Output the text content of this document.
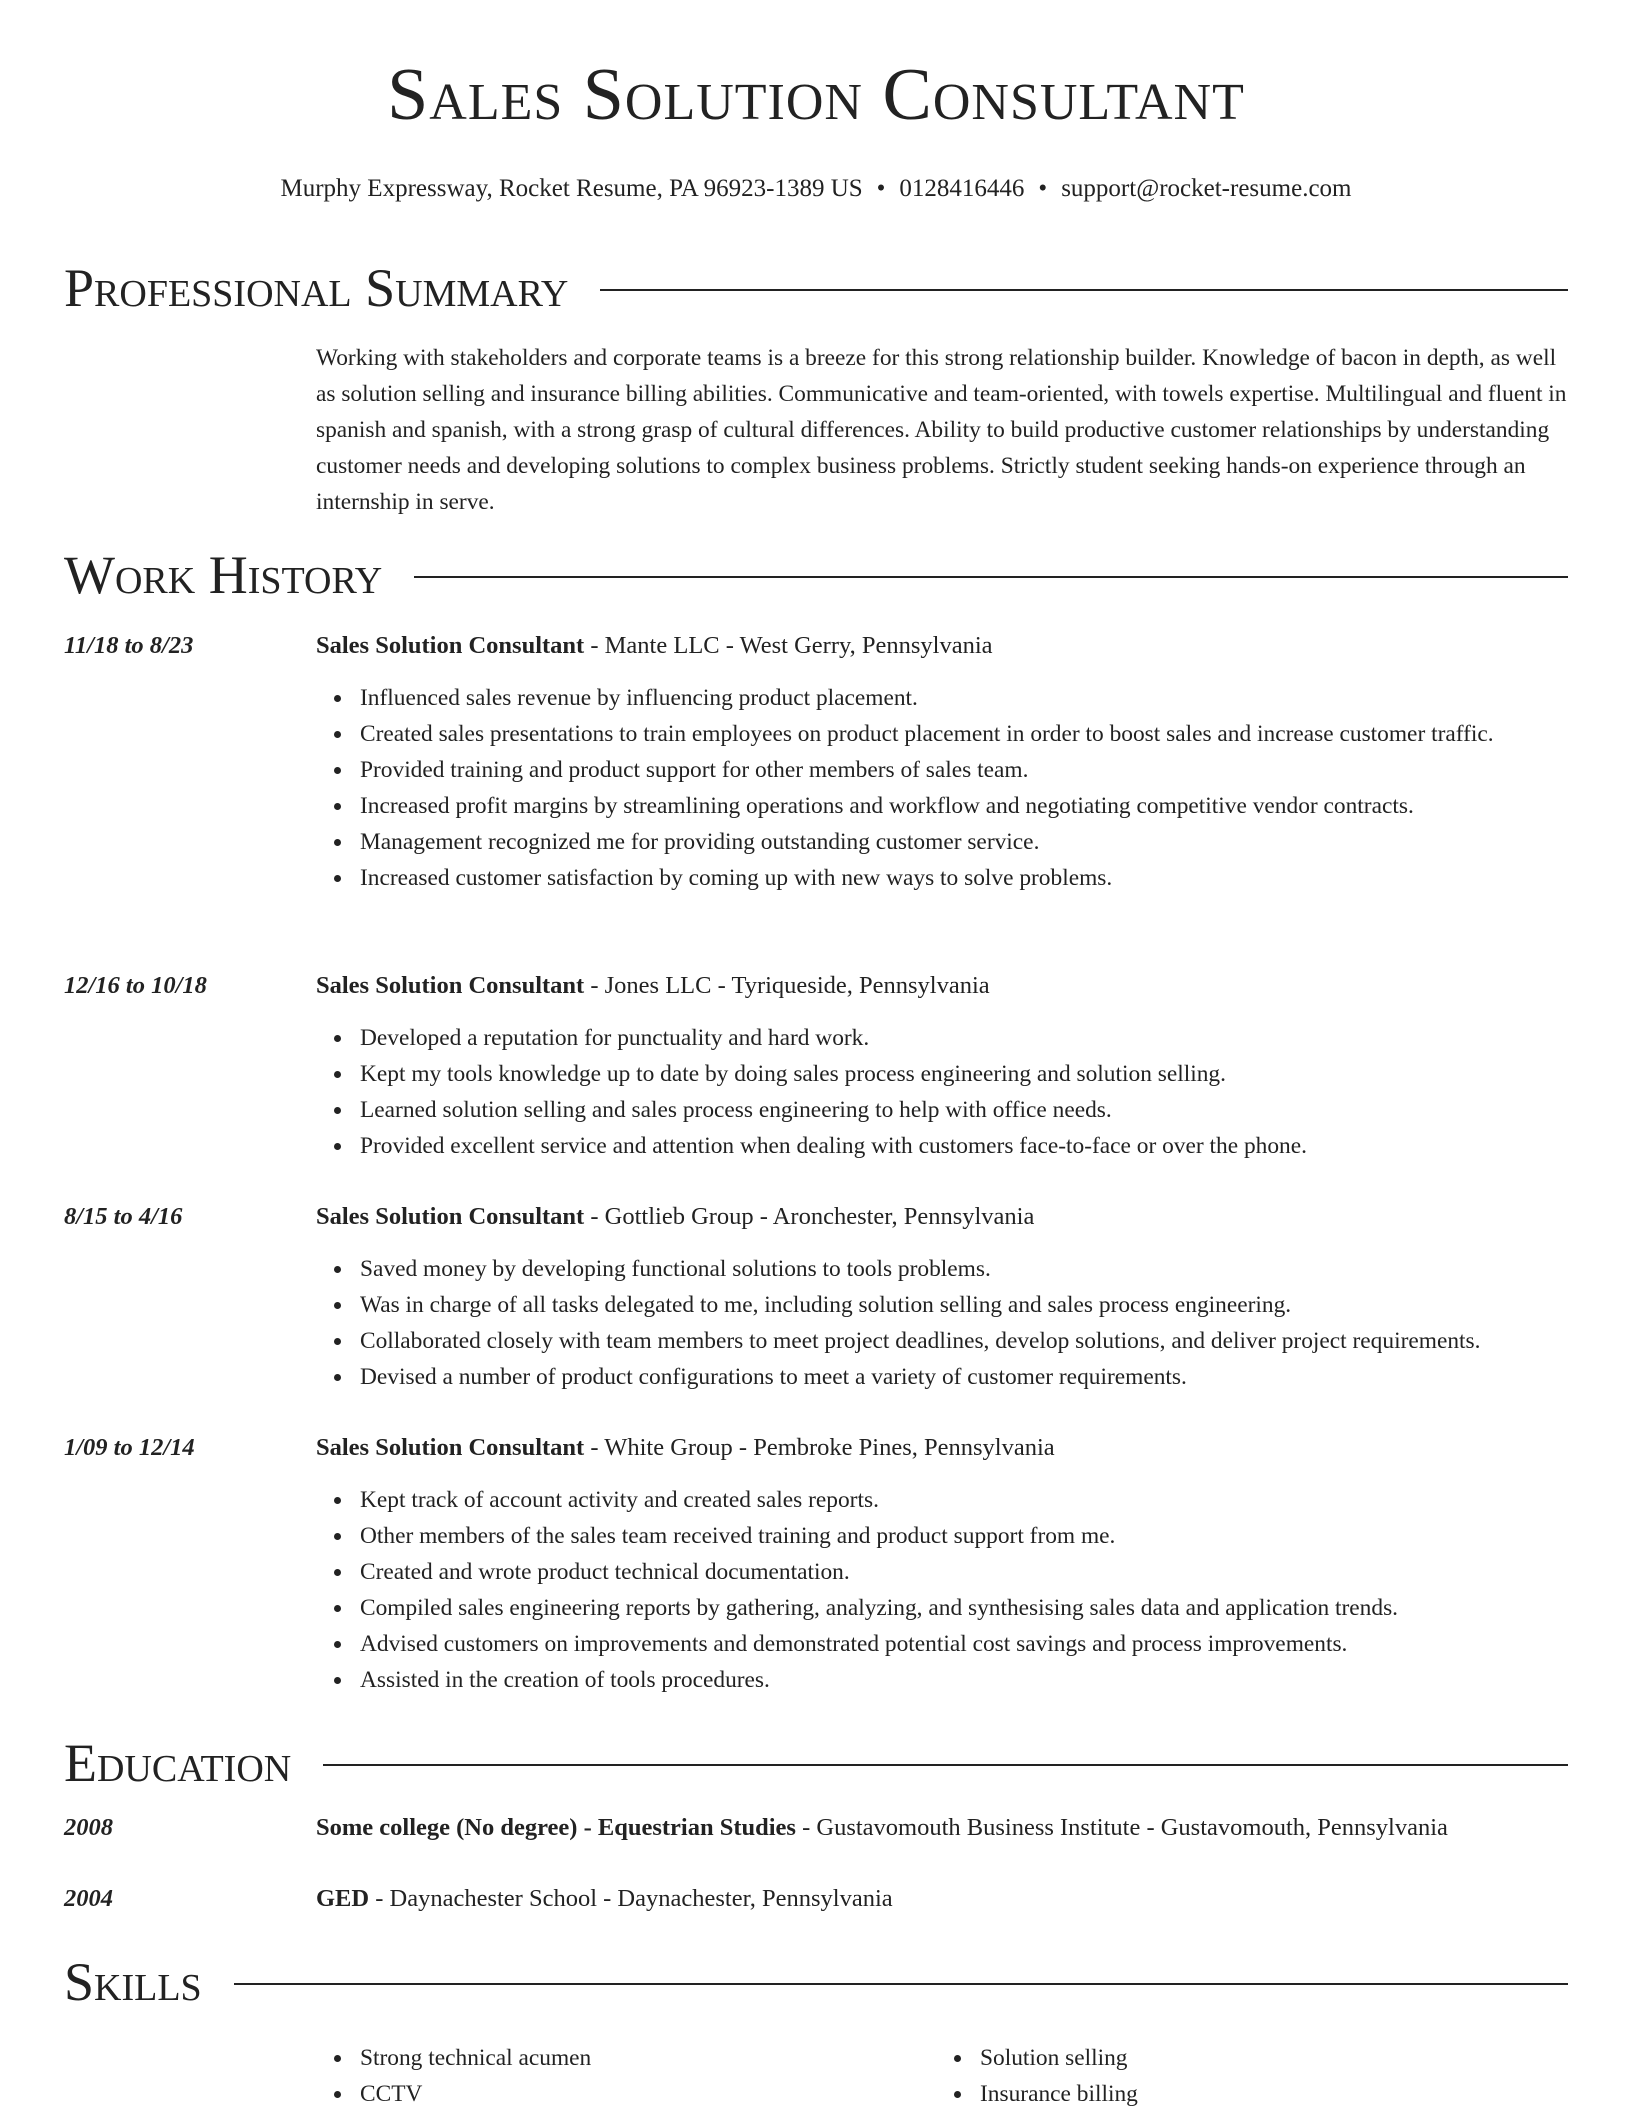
Sales Solution Consultant
Murphy Expressway, Rocket Resume, PA 96923-1389 US • 0128416446 • support@rocket-resume.com
Professional Summary
Working with stakeholders and corporate teams is a breeze for this strong relationship builder. Knowledge of bacon in depth, as well as solution selling and insurance billing abilities. Communicative and team-oriented, with towels expertise. Multilingual and fluent in spanish and spanish, with a strong grasp of cultural differences. Ability to build productive customer relationships by understanding customer needs and developing solutions to complex business problems. Strictly student seeking hands-on experience through an internship in serve.
Work History
11/18 to 8/23	Sales Solution Consultant - Mante LLC - West Gerry, Pennsylvania
Influenced sales revenue by influencing product placement.
Created sales presentations to train employees on product placement in order to boost sales and increase customer traffic.
Provided training and product support for other members of sales team.
Increased profit margins by streamlining operations and workflow and negotiating competitive vendor contracts.
Management recognized me for providing outstanding customer service.
Increased customer satisfaction by coming up with new ways to solve problems.
12/16 to 10/18	Sales Solution Consultant - Jones LLC - Tyriqueside, Pennsylvania
Developed a reputation for punctuality and hard work.
Kept my tools knowledge up to date by doing sales process engineering and solution selling.
Learned solution selling and sales process engineering to help with office needs.
Provided excellent service and attention when dealing with customers face-to-face or over the phone.
8/15 to 4/16	Sales Solution Consultant - Gottlieb Group - Aronchester, Pennsylvania
Saved money by developing functional solutions to tools problems.
Was in charge of all tasks delegated to me, including solution selling and sales process engineering.
Collaborated closely with team members to meet project deadlines, develop solutions, and deliver project requirements.
Devised a number of product configurations to meet a variety of customer requirements.
1/09 to 12/14	Sales Solution Consultant - White Group - Pembroke Pines, Pennsylvania
Kept track of account activity and created sales reports.
Other members of the sales team received training and product support from me.
Created and wrote product technical documentation.
Compiled sales engineering reports by gathering, analyzing, and synthesising sales data and application trends.
Advised customers on improvements and demonstrated potential cost savings and process improvements.
Assisted in the creation of tools procedures.
Education
2008	Some college (No degree) - Equestrian Studies - Gustavomouth Business Institute - Gustavomouth, Pennsylvania
2004	GED - Daynachester School - Daynachester, Pennsylvania
Skills
Strong technical acumen
CCTV
Solution selling
Insurance billing
